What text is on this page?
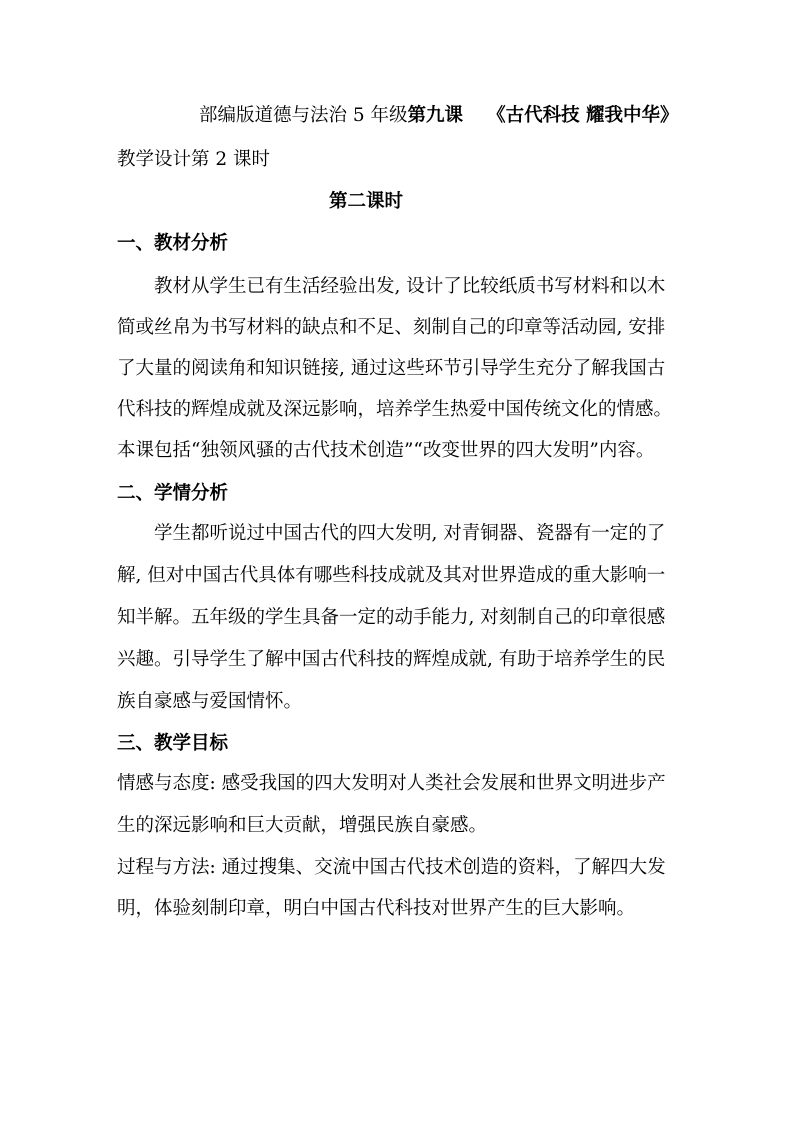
部编版道德与法治 5 年级第九课 《古代科技 耀我中华》
教学设计第 2 课时
第二课时
一、教材分析
教材从学生已有生活经验出发, 设计了比较纸质书写材料和以木
简或丝帛为书写材料的缺点和不足、刻制自己的印章等活动园, 安排
了大量的阅读角和知识链接, 通过这些环节引导学生充分了解我国古
代科技的辉煌成就及深远影响，培养学生热爱中国传统文化的情感。
本课包括“独领风骚的古代技术创造”“改变世界的四大发明”内容。
二、学情分析
学生都听说过中国古代的四大发明, 对青铜器、瓷器有一定的了
解, 但对中国古代具体有哪些科技成就及其对世界造成的重大影响一
知半解。五年级的学生具备一定的动手能力, 对刻制自己的印章很感
兴趣。引导学生了解中国古代科技的辉煌成就, 有助于培养学生的民
族自豪感与爱国情怀。
三、教学目标
情感与态度: 感受我国的四大发明对人类社会发展和世界文明进步产
生的深远影响和巨大贡献，增强民族自豪感。
过程与方法: 通过搜集、交流中国古代技术创造的资料，了解四大发
明，体验刻制印章，明白中国古代科技对世界产生的巨大影响。
